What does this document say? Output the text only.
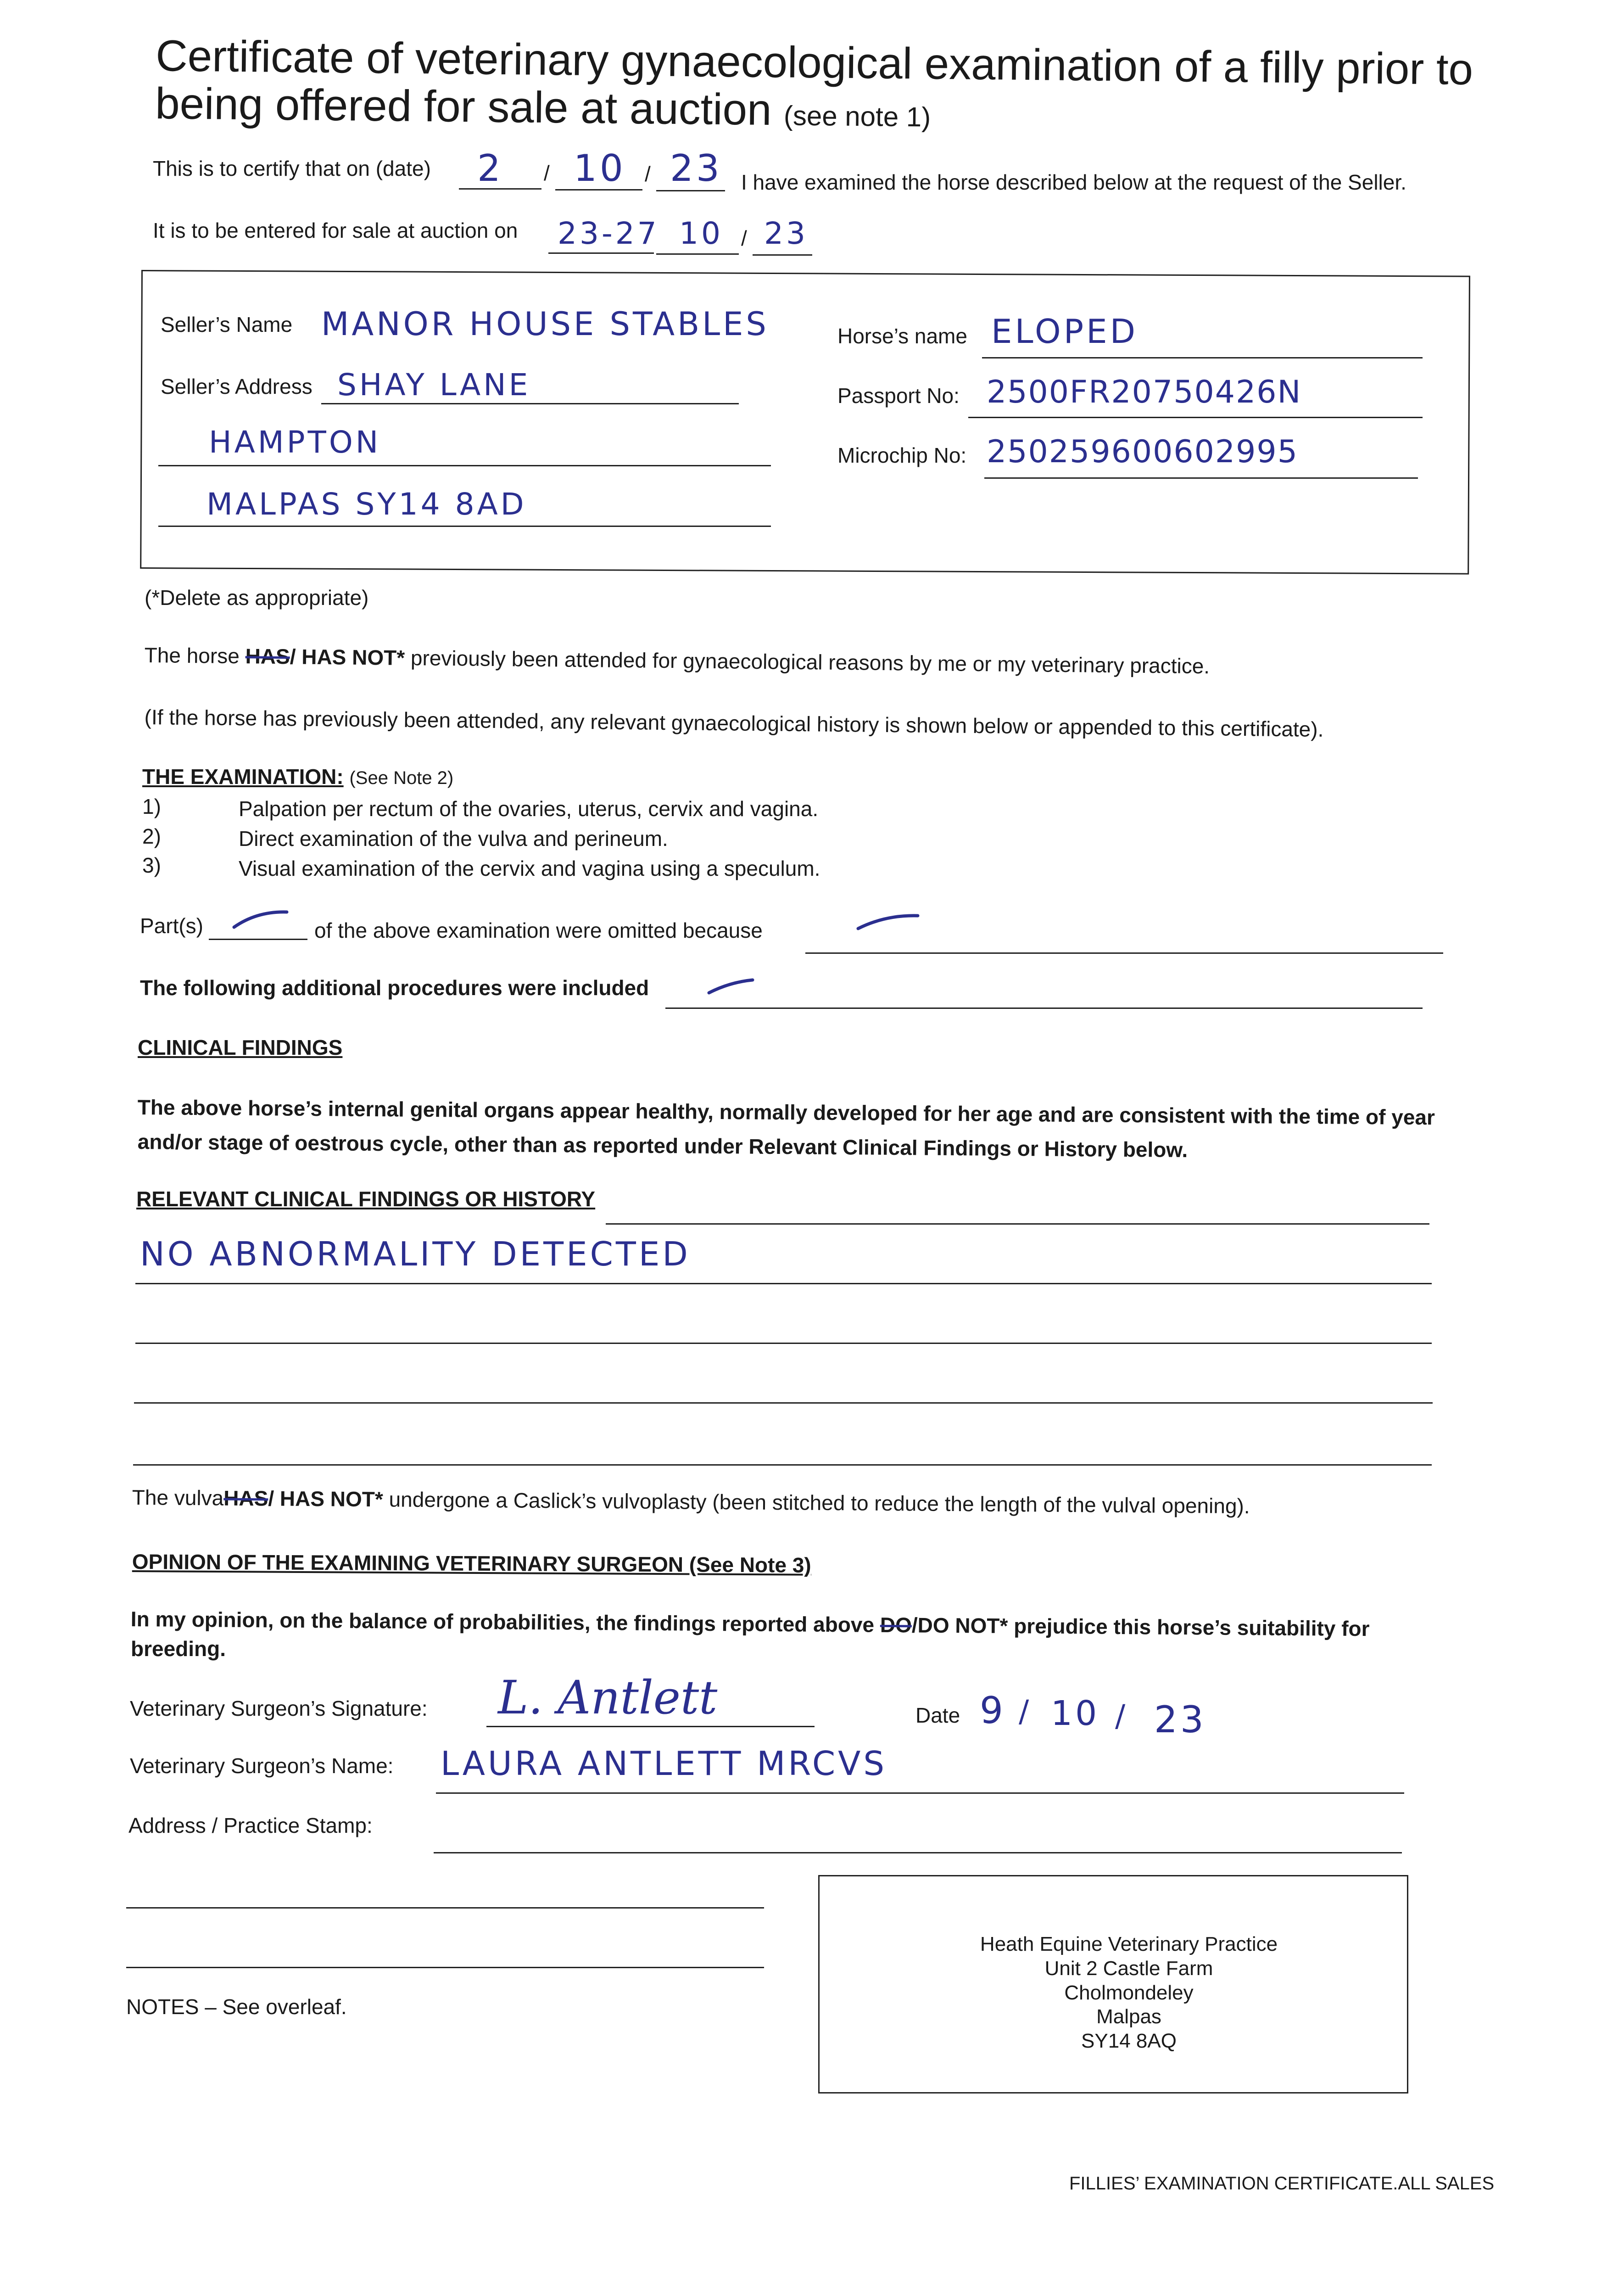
Certificate of veterinary gynaecological examination of a filly prior to
being offered for sale at auction (see note 1)
This is to certify that on (date) 2 / 10 / 23 I have examined the horse described below at the request of the Seller.
It is to be entered for sale at auction on 23-27 10 / 23
Seller’s Name MANOR HOUSE STABLES
Seller’s Address SHAY LANE
HAMPTON
MALPAS SY14 8AD
Horse’s name ELOPED
Passport No: 2500FR20750426N
Microchip No: 250259600602995
(*Delete as appropriate)
The horse HAS/ HAS NOT* previously been attended for gynaecological reasons by me or my veterinary practice.
(If the horse has previously been attended, any relevant gynaecological history is shown below or appended to this certificate).
THE EXAMINATION: (See Note 2)
1)	Palpation per rectum of the ovaries, uterus, cervix and vagina.
2)	Direct examination of the vulva and perineum.
3)	Visual examination of the cervix and vagina using a speculum.
Part(s)	of the above examination were omitted because
The following additional procedures were included
CLINICAL FINDINGS
The above horse’s internal genital organs appear healthy, normally developed for her age and are consistent with the time of year
and/or stage of oestrous cycle, other than as reported under Relevant Clinical Findings or History below.
RELEVANT CLINICAL FINDINGS OR HISTORY
NO ABNORMALITY DETECTED
The vulvaHAS/ HAS NOT* undergone a Caslick’s vulvoplasty (been stitched to reduce the length of the vulval opening).
OPINION OF THE EXAMINING VETERINARY SURGEON (See Note 3)
In my opinion, on the balance of probabilities, the findings reported above DO/DO NOT* prejudice this horse’s suitability for
breeding.
Veterinary Surgeon’s Signature: L. Antlett	Date 9 / 10 / 23
Veterinary Surgeon’s Name: LAURA ANTLETT MRCVS
Address / Practice Stamp:
Heath Equine Veterinary Practice
Unit 2 Castle Farm
Cholmondeley
Malpas
SY14 8AQ
NOTES – See overleaf.
FILLIES’ EXAMINATION CERTIFICATE.ALL SALES
